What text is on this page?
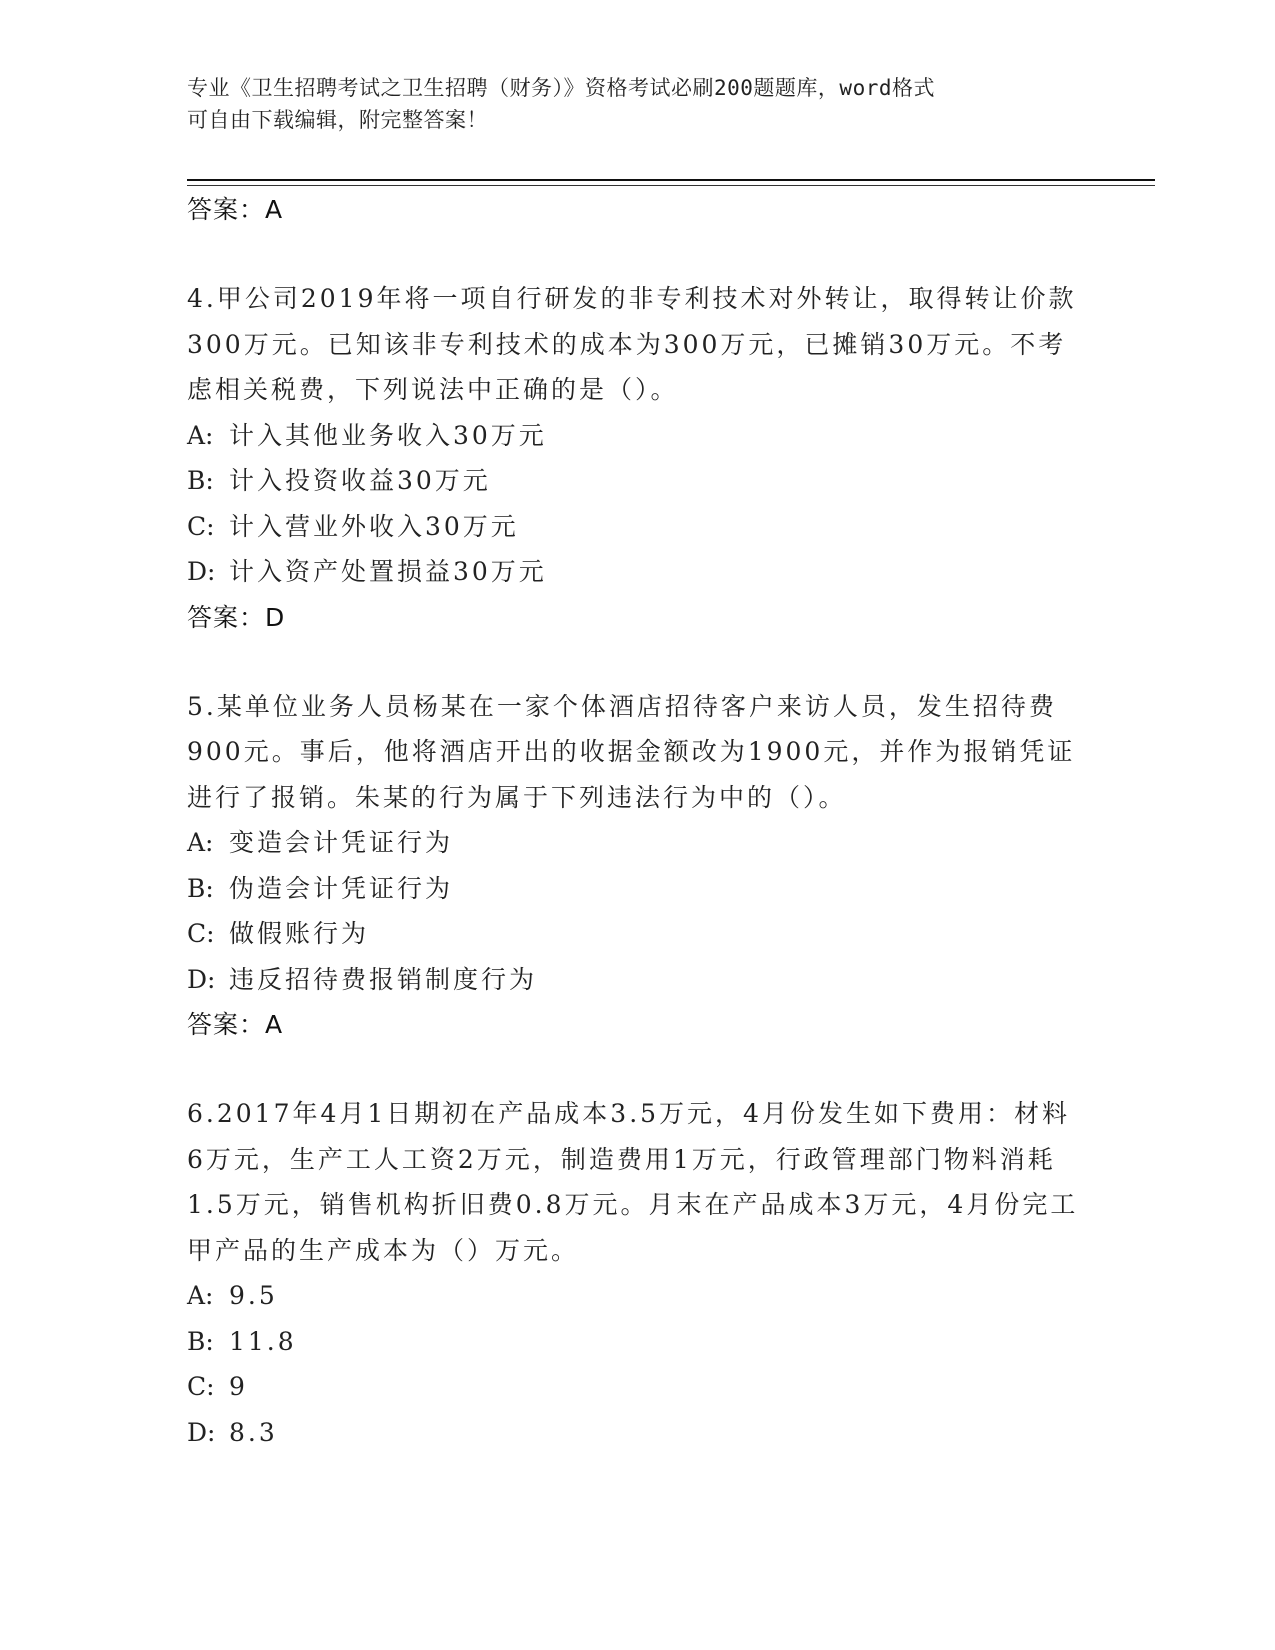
专业《卫生招聘考试之卫生招聘（财务）》资格考试必刷200题题库，word格式
可自由下载编辑，附完整答案！
答案：A
4.甲公司2019年将一项自行研发的非专利技术对外转让，取得转让价款300万元。已知该非专利技术的成本为300万元，已摊销30万元。不考虑相关税费，下列说法中正确的是（）。
A: 计入其他业务收入30万元
B: 计入投资收益30万元
C: 计入营业外收入30万元
D: 计入资产处置损益30万元
答案：D
5.某单位业务人员杨某在一家个体酒店招待客户来访人员，发生招待费900元。事后，他将酒店开出的收据金额改为1900元，并作为报销凭证进行了报销。朱某的行为属于下列违法行为中的（）。
A: 变造会计凭证行为
B: 伪造会计凭证行为
C: 做假账行为
D: 违反招待费报销制度行为
答案：A
6.2017年4月1日期初在产品成本3.5万元，4月份发生如下费用：材料6万元，生产工人工资2万元，制造费用1万元，行政管理部门物料消耗1.5万元，销售机构折旧费0.8万元。月末在产品成本3万元，4月份完工甲产品的生产成本为（）万元。
A: 9.5
B: 11.8
C: 9
D: 8.3
